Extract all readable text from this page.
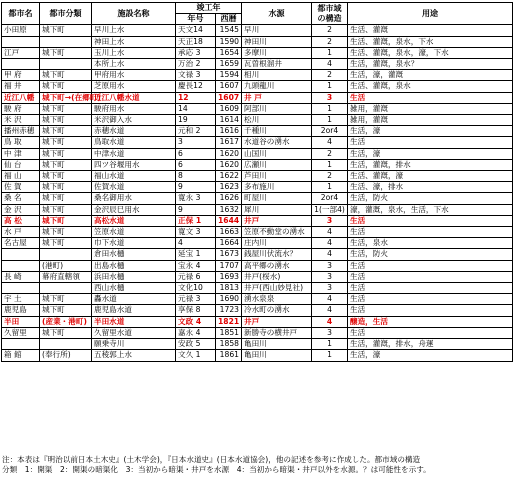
都市名	都市分類	施設名称	竣工年		水源	都市域
の構造	用途
			年号	西暦			
小田原	城下町	早川上水	天文14	1545	早川	2	生活、灌漑
		神田上水	天正18	1590	神田川	2	生活、灌漑，泉水，下水
江戸	城下町	玉川上水	承応 3	1654	多摩川	1	生活、灌漑，泉水，濠，下水
		本所上水	万治 2	1659	瓦曽根溜井	4	生活，灌漑，泉水？
甲 府	城下町	甲府用水	文禄 3	1594	相川	2	生活，濠，灌漑
福 井	城下町	芝原用水	慶長12	1607	九頭龍川	1	生活、灌漑，泉水
近江八幡	城下町→(在郷町)	近江八幡水道	12	1607	井 戸	3	生活
駿 府	城下町	駿府用水	14	1609	阿部川	1	雑用，灌漑
米 沢	城下町	米沢御入水	19	1614	松川	1	雑用，灌漑
播州赤穂	城下町	赤穂水道	元和 2	1616	千種川	2or4	生活，濠
鳥 取	城下町	鳥取水道	3	1617	水道谷の湧水	4	生活
中 津	城下町	中津水道	6	1620	山国川	2	生活，濠
仙 台	城下町	四ツ谷堰用水	6	1620	広瀬川	1	生活，灌漑，排水
福 山	城下町	福山水道	8	1622	芦田川	2	生活、灌漑，濠
佐 賀	城下町	佐賀水道	9	1623	多布施川	1	生活、濠，排水
桑 名	城下町	桑名御用水	寛永 3	1626	町屋川	2or4	生活，防火
金 沢	城下町	金沢辰巳用水	9	1632	犀川	1(一部4)	濠，灌漑，泉水，生活，下水
高 松	城下町	高松水道	正保 1	1644	井戸	3	生活
水 戸	城下町	笠原水道	寛文 3	1663	笠原不動堂の湧水	4	生活
名古屋	城下町	巾下水道	4	1664	庄内川	4	生活，泉水
		倉田水樋	延宝 1	1673	銭屋川伏流水？	4	生活，防火
	(港町)	出島水樋	宝永 4	1707	高平郷の湧水	3	生活
長 崎	幕府直轄領	浜田水樋	元禄 6	1693	井戸(桜水)	3	生活
		西山水樋	文化10	1813	井戸(西山妙見社)	3	生活
宇 土	城下町	轟水道	元禄 3	1690	湧水泉泉	4	生活
鹿児島	城下町	鹿児島水道	享保 8	1723	冷水町の湧水	4	生活
半田	(産業・港町)	半田水道	文政 4	1821	井戸	4	醸造，生活
久留里	城下町	久留里水道	嘉永 4	1851	新勝寺の横井戸	3	生活
		願乗寺川	安政 5	1858	亀田川	1	生活，灌漑，排水，舟運
箱 館	(奉行所)	五稜郭上水	文久 1	1861	亀田川	1	生活，濠
注：本表は『明治以前日本土木史』(土木学会)，『日本水道史』(日本水道協会)，他の記述を参考に作成した。都市域の構造
分類　1：開渠　2：開渠の暗渠化　3：当初から暗渠・井戸を水源　4：当初から暗渠・井戸以外を水源。？は可能性を示す。
